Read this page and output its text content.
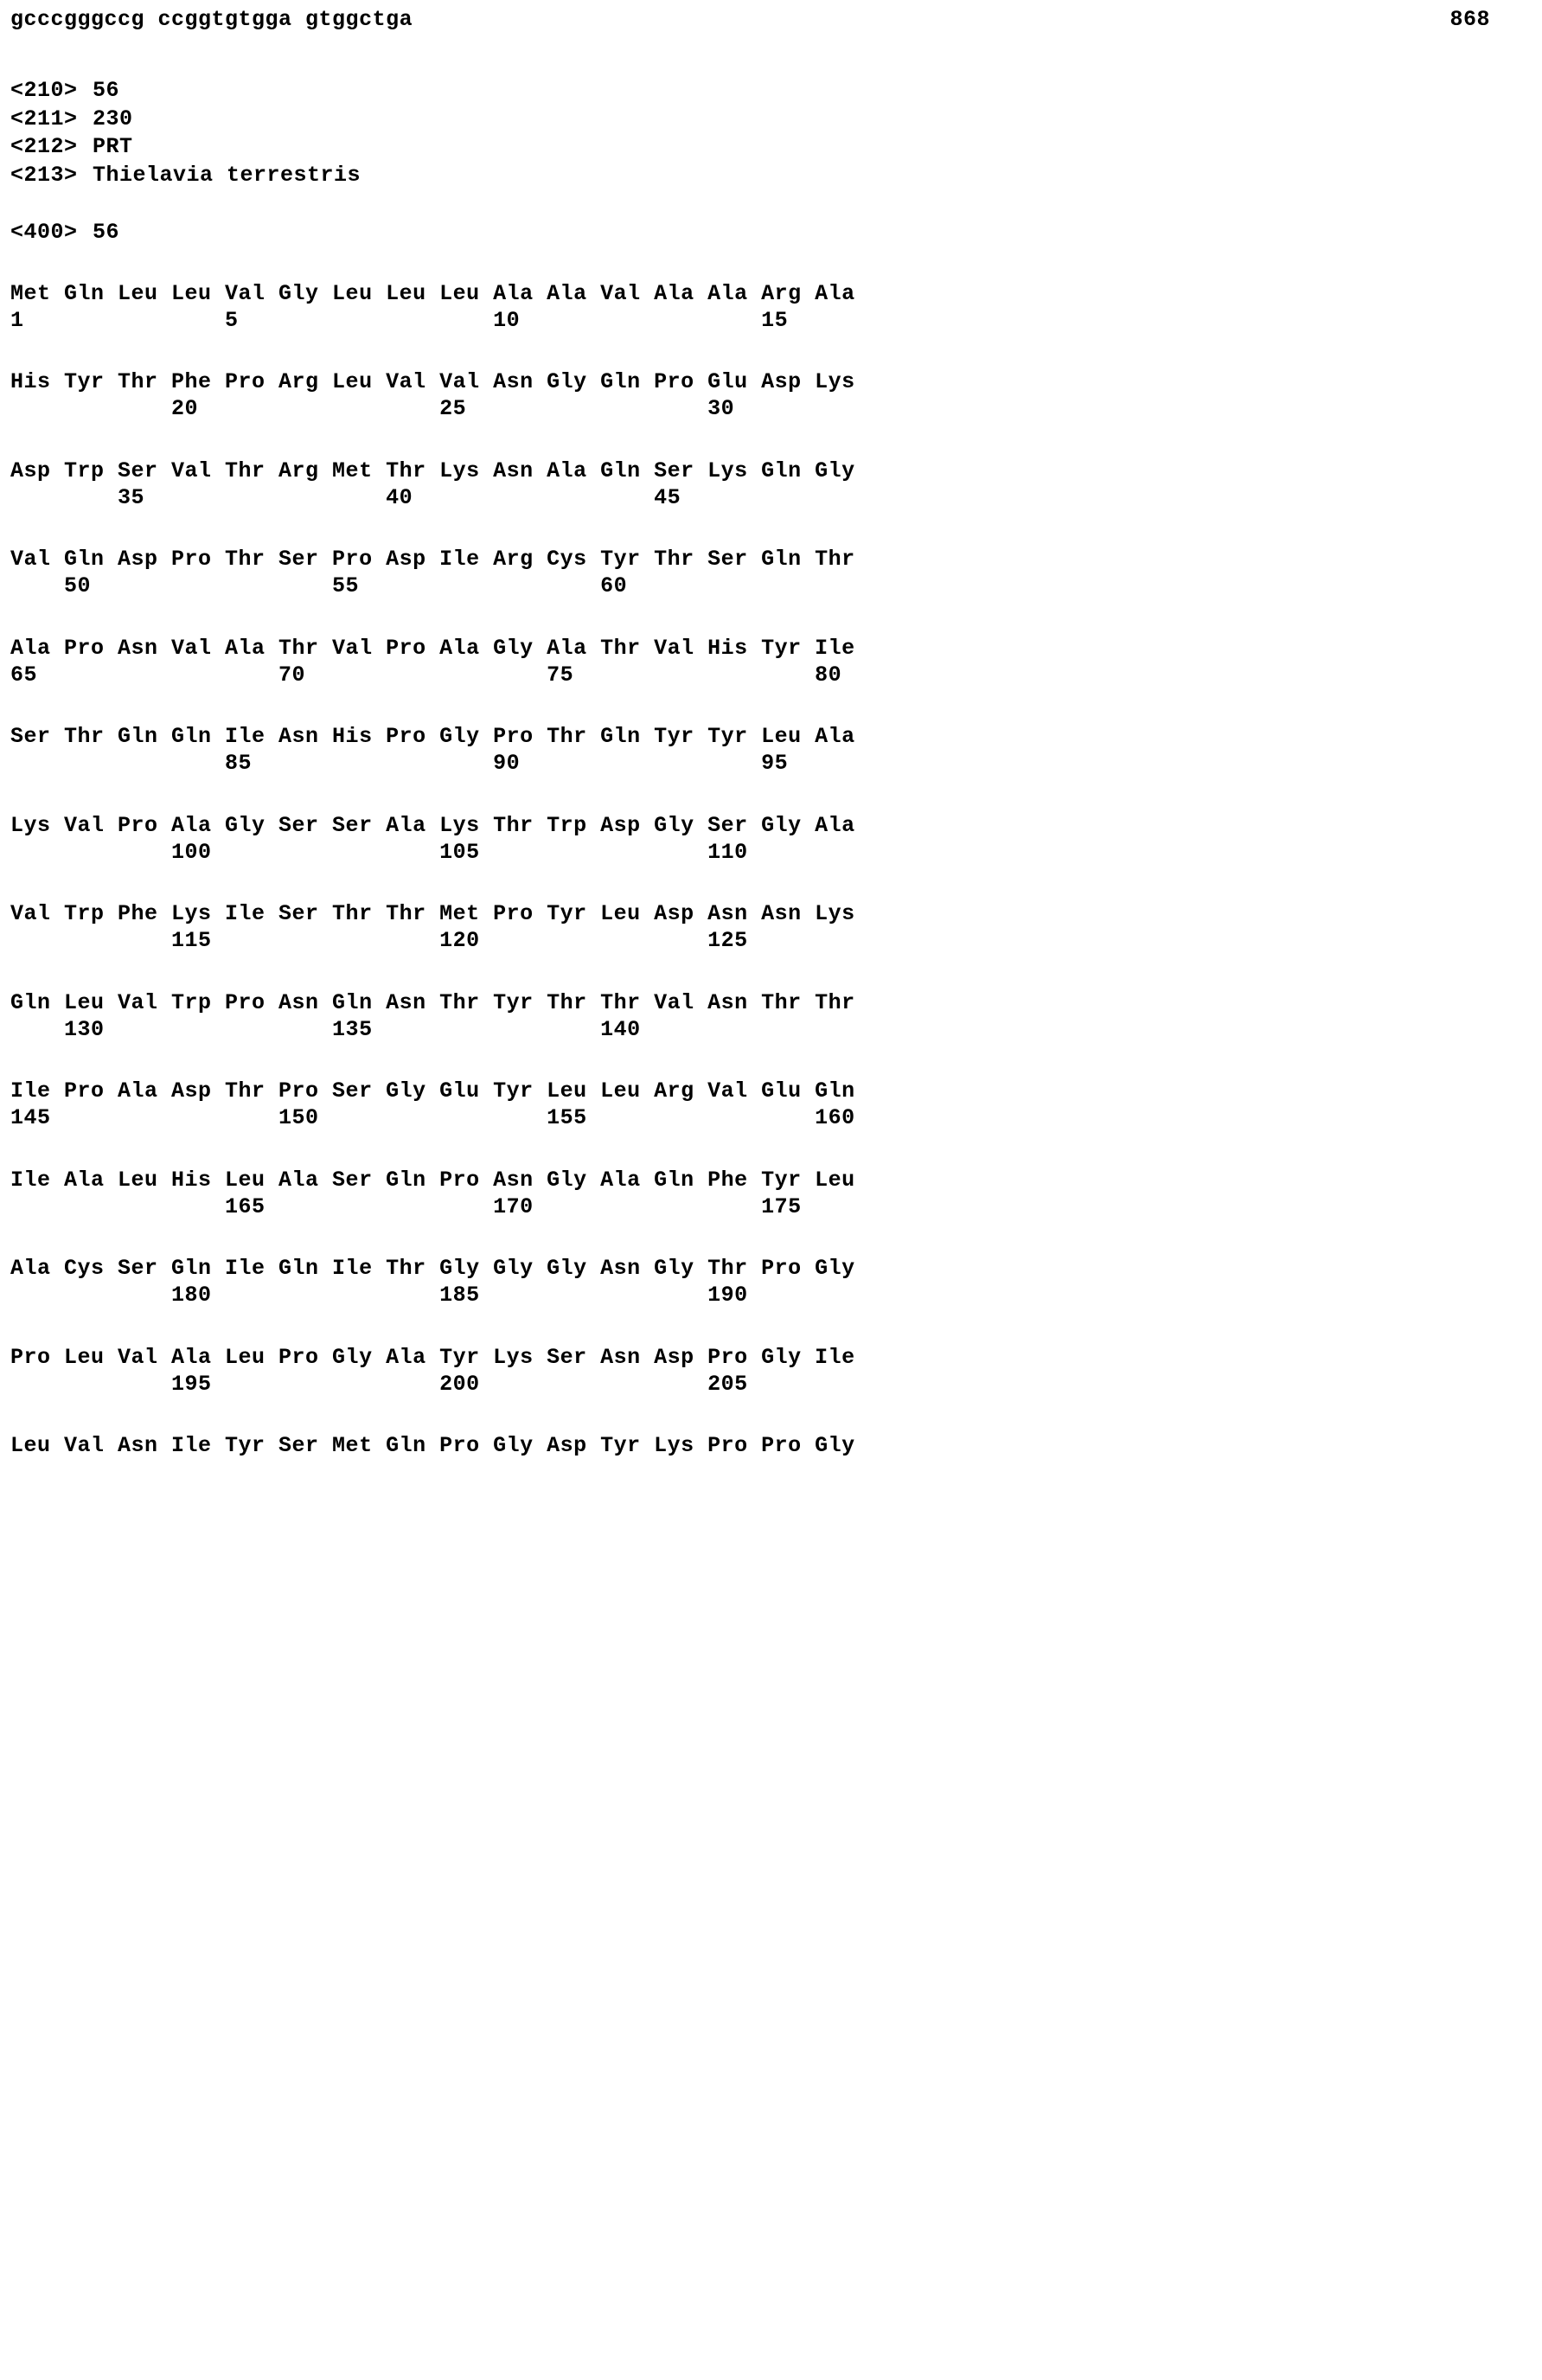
gcccgggccg ccggtgtgga gtggctga	868
<210> 56
<211> 230
<212> PRT
<213> Thielavia terrestris
<400> 56
Met Gln Leu Leu Val Gly Leu Leu Leu Ala Ala Val Ala Ala Arg Ala
1               5                   10                  15
His Tyr Thr Phe Pro Arg Leu Val Val Asn Gly Gln Pro Glu Asp Lys
20                  25                  30
Asp Trp Ser Val Thr Arg Met Thr Lys Asn Ala Gln Ser Lys Gln Gly
35                  40                  45
Val Gln Asp Pro Thr Ser Pro Asp Ile Arg Cys Tyr Thr Ser Gln Thr
50                  55                  60
Ala Pro Asn Val Ala Thr Val Pro Ala Gly Ala Thr Val His Tyr Ile
65                  70                  75                  80
Ser Thr Gln Gln Ile Asn His Pro Gly Pro Thr Gln Tyr Tyr Leu Ala
85                  90                  95
Lys Val Pro Ala Gly Ser Ser Ala Lys Thr Trp Asp Gly Ser Gly Ala
100                 105                 110
Val Trp Phe Lys Ile Ser Thr Thr Met Pro Tyr Leu Asp Asn Asn Lys
115                 120                 125
Gln Leu Val Trp Pro Asn Gln Asn Thr Tyr Thr Thr Val Asn Thr Thr
130                 135                 140
Ile Pro Ala Asp Thr Pro Ser Gly Glu Tyr Leu Leu Arg Val Glu Gln
145                 150                 155                 160
Ile Ala Leu His Leu Ala Ser Gln Pro Asn Gly Ala Gln Phe Tyr Leu
165                 170                 175
Ala Cys Ser Gln Ile Gln Ile Thr Gly Gly Gly Asn Gly Thr Pro Gly
180                 185                 190
Pro Leu Val Ala Leu Pro Gly Ala Tyr Lys Ser Asn Asp Pro Gly Ile
195                 200                 205
Leu Val Asn Ile Tyr Ser Met Gln Pro Gly Asp Tyr Lys Pro Pro Gly
